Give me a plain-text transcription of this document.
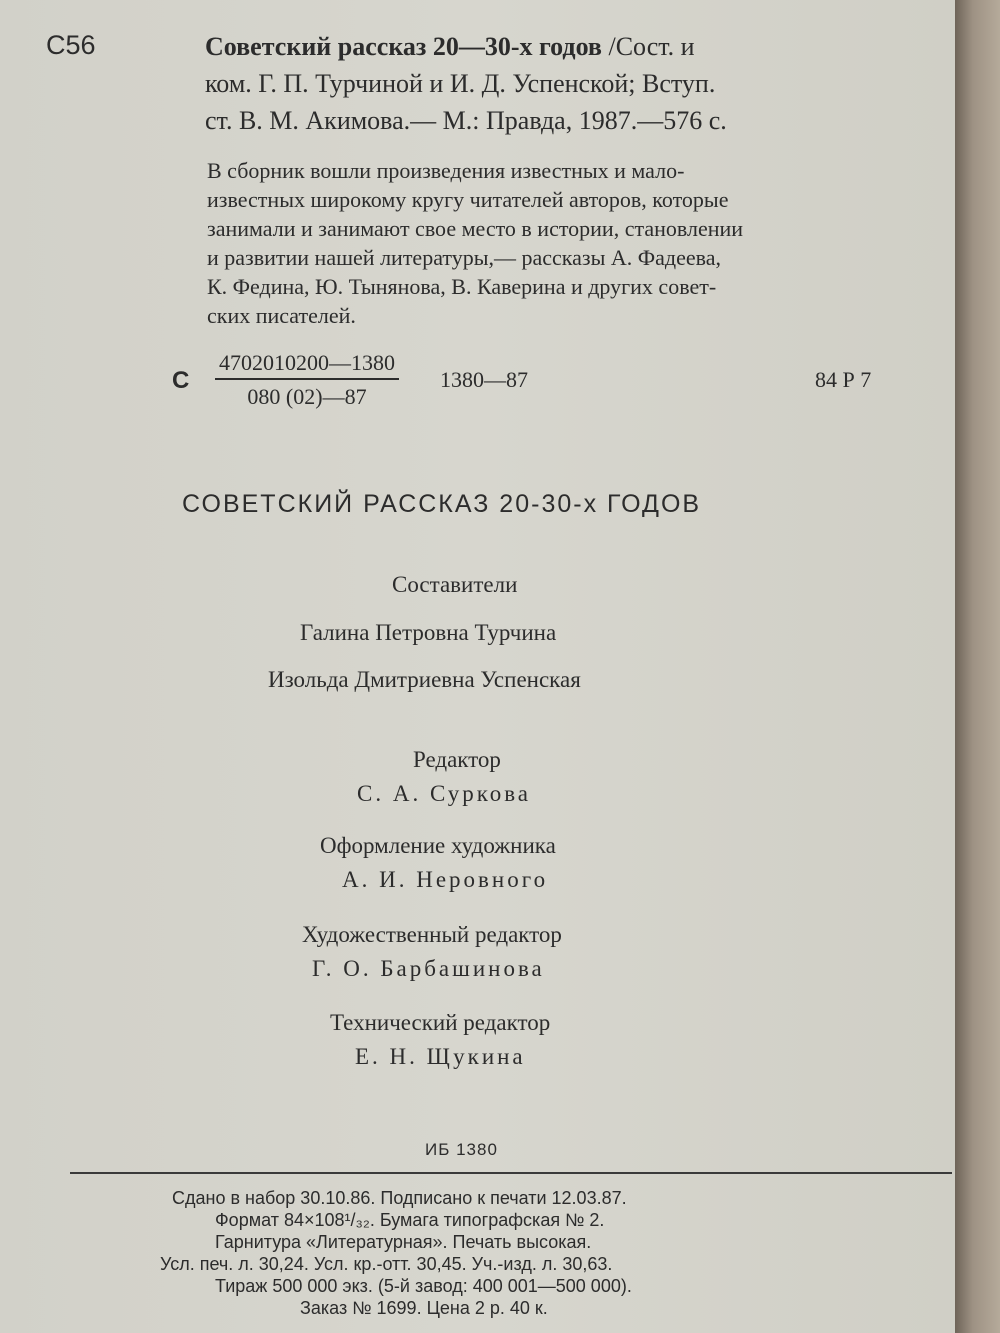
С56	Советский рассказ 20—30-х годов /Сост. и
ком. Г. П. Турчиной и И. Д. Успенской; Вступ.
ст. В. М. Акимова.— М.: Правда, 1987.—576 с.
В сборник вошли произведения известных и мало-
известных широкому кругу читателей авторов, которые
занимали и занимают свое место в истории, становлении
и развитии нашей литературы,— рассказы А. Фадеева,
К. Федина, Ю. Тынянова, В. Каверина и других совет-
ских писателей.
С $\frac{4702010200—1380}{080 (02)—87}$ 1380—87	84 Р 7
СОВЕТСКИЙ РАССКАЗ 20-30-х ГОДОВ
Составители
Галина Петровна Турчина
Изольда Дмитриевна Успенская
Редактор
С. А. Суркова
Оформление художника
А. И. Неровного
Художественный редактор
Г. О. Барбашинова
Технический редактор
Е. Н. Щукина
ИБ 1380
Сдано в набор 30.10.86. Подписано к печати 12.03.87.
Формат 84×108¹/₃₂. Бумага типографская № 2.
Гарнитура «Литературная». Печать высокая.
Усл. печ. л. 30,24. Усл. кр.-отт. 30,45. Уч.-изд. л. 30,63.
Тираж 500 000 экз. (5-й завод: 400 001—500 000).
Заказ № 1699. Цена 2 р. 40 к.
